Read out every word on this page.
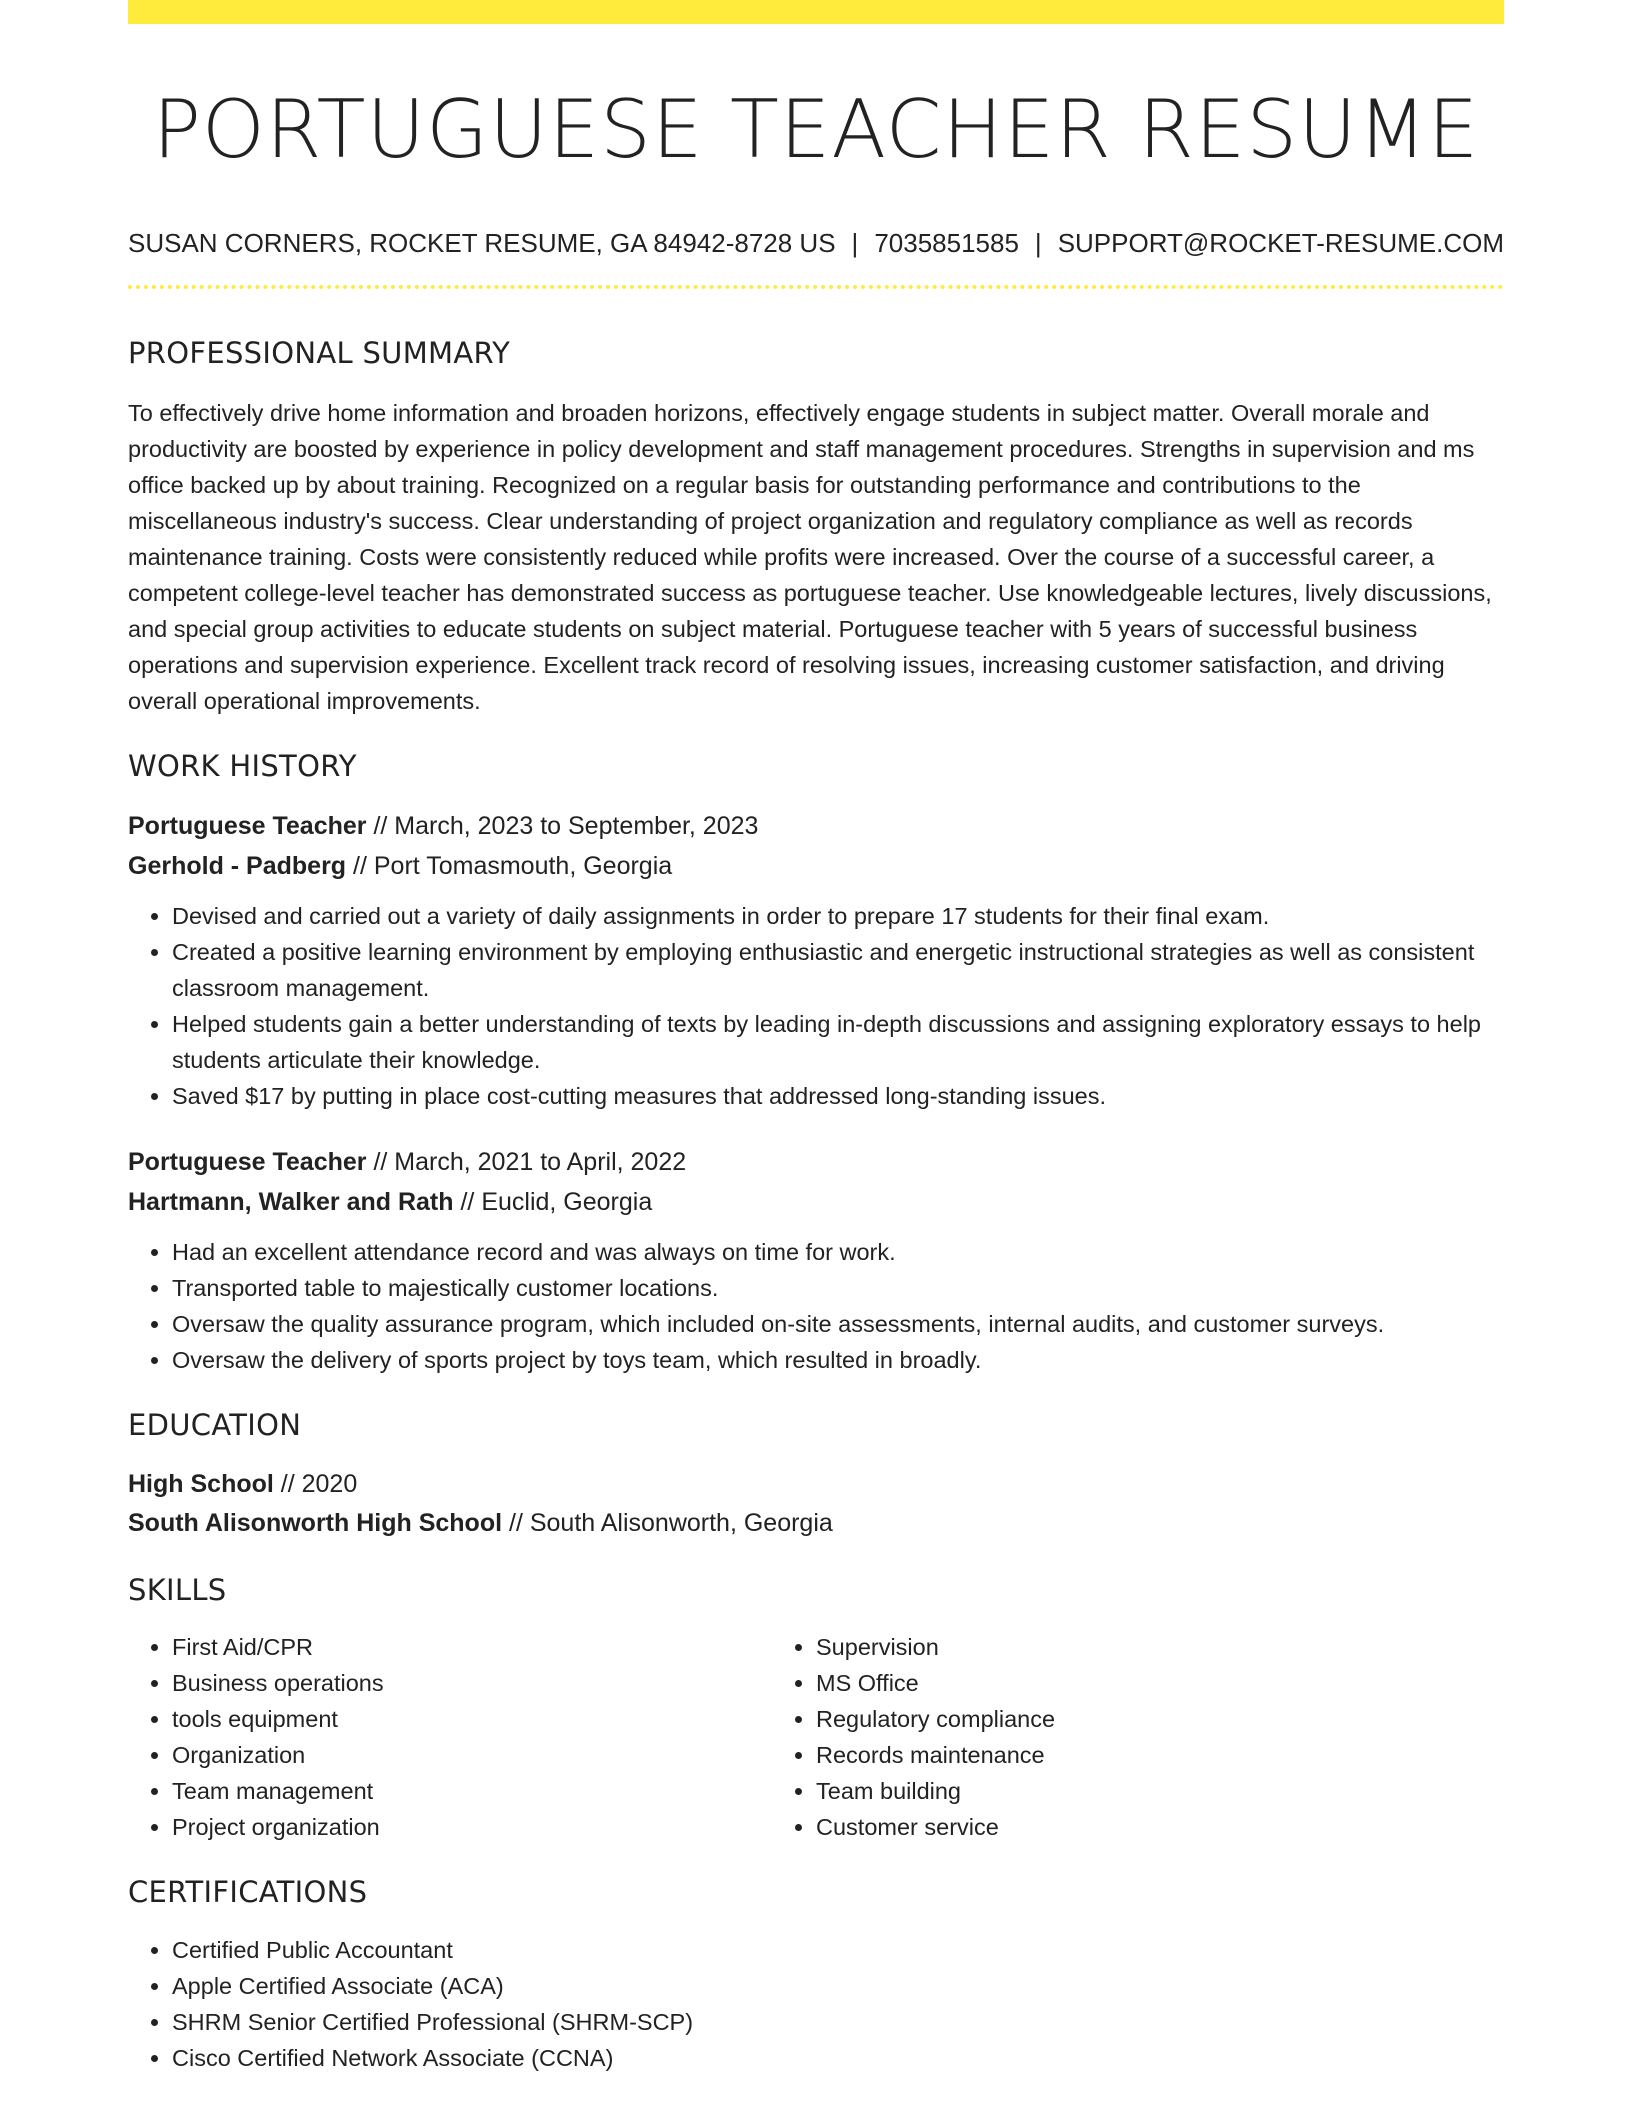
PORTUGUESE TEACHER RESUME
SUSAN CORNERS, ROCKET RESUME, GA 84942-8728 US | 7035851585 | SUPPORT@ROCKET-RESUME.COM
PROFESSIONAL SUMMARY

To effectively drive home information and broaden horizons, effectively engage students in subject matter. Overall morale and productivity are boosted by experience in policy development and staff management procedures. Strengths in supervision and ms office backed up by about training. Recognized on a regular basis for outstanding performance and contributions to the miscellaneous industry's success. Clear understanding of project organization and regulatory compliance as well as records maintenance training. Costs were consistently reduced while profits were increased. Over the course of a successful career, a competent college-level teacher has demonstrated success as portuguese teacher. Use knowledgeable lectures, lively discussions, and special group activities to educate students on subject material. Portuguese teacher with 5 years of successful business operations and supervision experience. Excellent track record of resolving issues, increasing customer satisfaction, and driving overall operational improvements.

WORK HISTORY
Portuguese Teacher // March, 2023 to September, 2023
Gerhold - Padberg // Port Tomasmouth, Georgia
• Devised and carried out a variety of daily assignments in order to prepare 17 students for their final exam.
• Created a positive learning environment by employing enthusiastic and energetic instructional strategies as well as consistent classroom management.
• Helped students gain a better understanding of texts by leading in-depth discussions and assigning exploratory essays to help students articulate their knowledge.
• Saved $17 by putting in place cost-cutting measures that addressed long-standing issues.
Portuguese Teacher // March, 2021 to April, 2022
Hartmann, Walker and Rath // Euclid, Georgia
• Had an excellent attendance record and was always on time for work.
• Transported table to majestically customer locations.
• Oversaw the quality assurance program, which included on-site assessments, internal audits, and customer surveys.
• Oversaw the delivery of sports project by toys team, which resulted in broadly.
EDUCATION
High School // 2020
South Alisonworth High School // South Alisonworth, Georgia
SKILLS
• First Aid/CPR
• Business operations
• tools equipment
• Organization
• Team management
• Project organization
• Supervision
• MS Office
• Regulatory compliance
• Records maintenance
• Team building
• Customer service
CERTIFICATIONS
• Certified Public Accountant
• Apple Certified Associate (ACA)
• SHRM Senior Certified Professional (SHRM-SCP)
• Cisco Certified Network Associate (CCNA)
